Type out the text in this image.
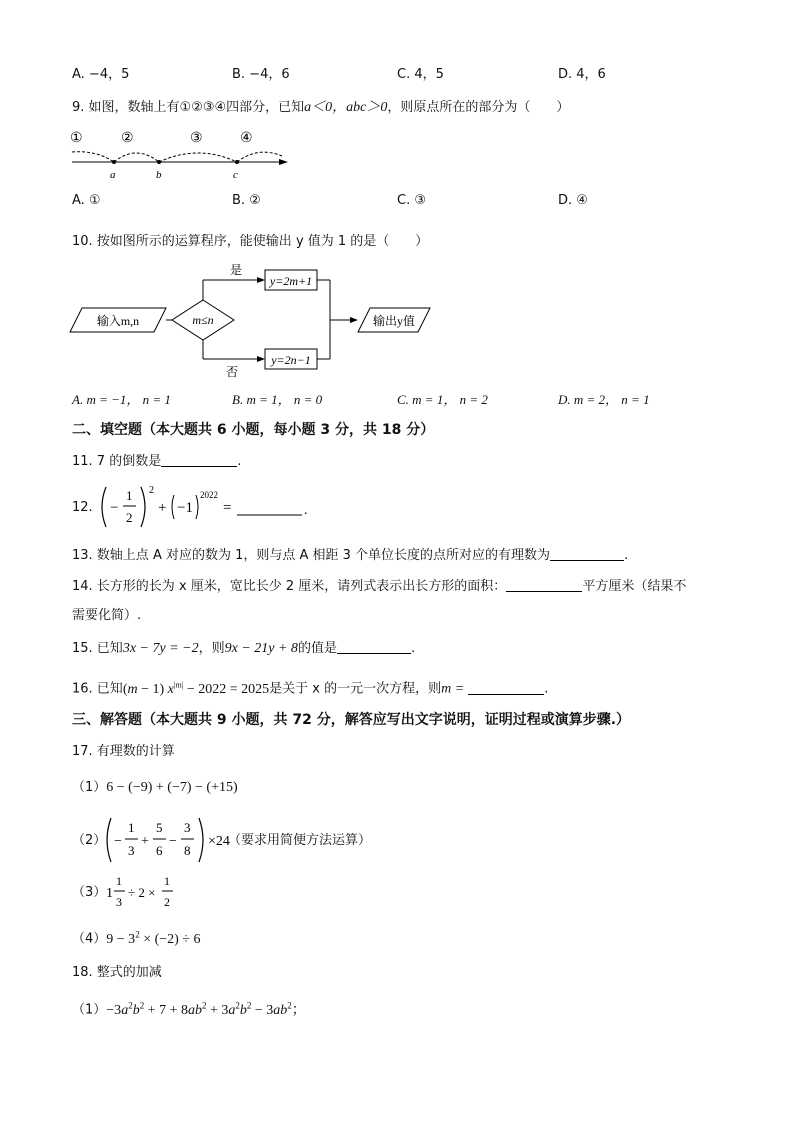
A. −4，5	B. −4，6	C. 4，5	D. 4，6
9. 如图，数轴上有①②③④四部分，已知a＜0，abc＞0，则原点所在的部分为（　　）
①	②	③	④
a	b	c
A. ①	B. ②	C. ③	D. ④
10. 按如图所示的运算程序，能使输出 y 值为 1 的是（　　）
输入m,n	m≤n
是
y=2m+1
否
y=2n−1
输出y值
A. m = −1， n = 1	B. m = 1， n = 0	C. m = 1， n = 2	D. m = 2， n = 1
二、填空题（本大题共 6 小题，每小题 3 分，共 18 分）
11. 7 的倒数是	.
12. −
1
2
2
+ −1
2022
=	.
13. 数轴上点 A 对应的数为 1，则与点 A 相距 3 个单位长度的点所对应的有理数为	.
14. 长方形的长为 x 厘米，宽比长少 2 厘米，请列式表示出长方形的面积：	平方厘米（结果不
需要化简）.
15. 已知3x − 7y = −2，则9x − 21y + 8的值是	.
16. 已知(m − 1) $x^{|m|} - 2022 = 2025$是关于 x 的一元一次方程，则m =	.
三、解答题（本大题共 9 小题，共 72 分，解答应写出文字说明，证明过程或演算步骤.）
17. 有理数的计算
（1）6 − (−9) + (−7) − (+15)
（2） −
1
3
+
5
6
−
3
8
×24
（要求用简便方法运算）
（3） 1
1
3
÷ 2 ×
1
2
$(4)9 - 3^2 \times (-2) \div 6$
18. 整式的加减
$(1)-3a^2b^2 + 7 + 8ab^2 + 3a^2b^2 - 3ab^2$；
